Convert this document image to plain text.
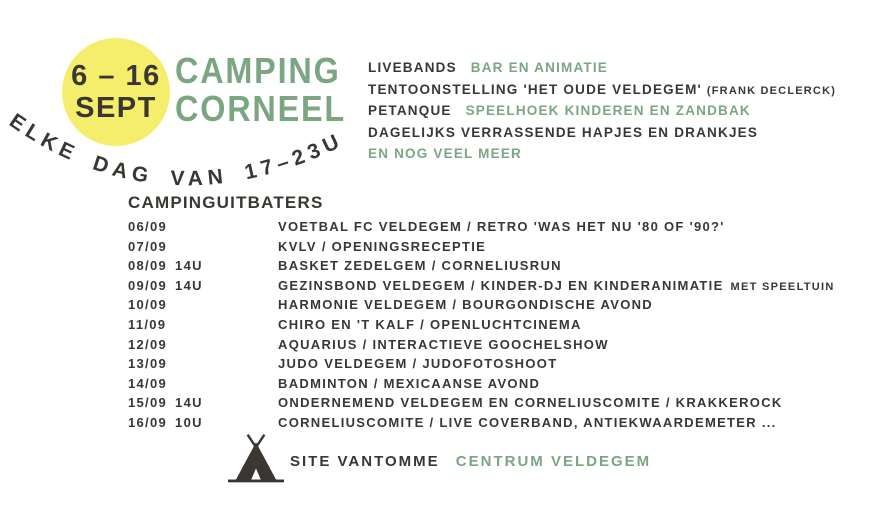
6 – 16
SEPT
CAMPING
CORNEEL
ELKE DAG VAN 17–23U
LIVEBANDS BAR EN ANIMATIE
TENTOONSTELLING 'HET OUDE VELDEGEM' (FRANK DECLERCK)
PETANQUE SPEELHOEK KINDEREN EN ZANDBAK
DAGELIJKS VERRASSENDE HAPJES EN DRANKJES
EN NOG VEEL MEER
CAMPINGUITBATERS
06/09	VOETBAL FC VELDEGEM / RETRO 'WAS HET NU '80 OF '90?'
07/09	KVLV / OPENINGSRECEPTIE
08/09 14U	BASKET ZEDELGEM / CORNELIUSRUN
09/09 14U	GEZINSBOND VELDEGEM / KINDER-DJ EN KINDERANIMATIE MET SPEELTUIN
10/09	HARMONIE VELDEGEM / BOURGONDISCHE AVOND
11/09	CHIRO EN 'T KALF / OPENLUCHTCINEMA
12/09	AQUARIUS / INTERACTIEVE GOOCHELSHOW
13/09	JUDO VELDEGEM / JUDOFOTOSHOOT
14/09	BADMINTON / MEXICAANSE AVOND
15/09 14U	ONDERNEMEND VELDEGEM EN CORNELIUSCOMITE / KRAKKEROCK
16/09 10U	CORNELIUSCOMITE / LIVE COVERBAND, ANTIEKWAARDEMETER ...
SITE VANTOMME CENTRUM VELDEGEM
